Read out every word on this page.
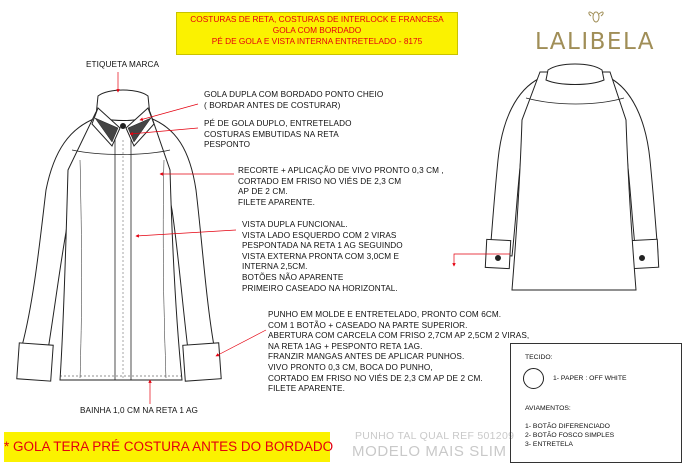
COSTURAS DE RETA, COSTURAS DE INTERLOCK E FRANCESA
GOLA COM BORDADO
PÉ DE GOLA E VISTA INTERNA ENTRETELADO - 8175	LALIBELA
ETIQUETA MARCA
GOLA DUPLA COM BORDADO PONTO CHEIO
( BORDAR ANTES DE COSTURAR)
PÉ DE GOLA DUPLO, ENTRETELADO
COSTURAS EMBUTIDAS NA RETA
PESPONTO
RECORTE + APLICAÇÃO DE VIVO PRONTO 0,3 CM ,
CORTADO EM FRISO NO VIÉS DE 2,3 CM
AP DE 2 CM.
FILETE APARENTE.
VISTA DUPLA FUNCIONAL.
VISTA LADO ESQUERDO COM 2 VIRAS
PESPONTADA NA RETA 1 AG SEGUINDO
VISTA EXTERNA PRONTA COM 3,0CM E
INTERNA 2,5CM.
BOTÕES NÃO APARENTE
PRIMEIRO CASEADO NA HORIZONTAL.
PUNHO EM MOLDE E ENTRETELADO, PRONTO COM 6CM.
COM 1 BOTÃO + CASEADO NA PARTE SUPERIOR.
ABERTURA COM CARCELA COM FRISO 2,7CM AP 2,5CM 2 VIRAS,
NA RETA 1AG + PESPONTO RETA 1AG.
FRANZIR MANGAS ANTES DE APLICAR PUNHOS.
VIVO PRONTO 0,3 CM, BOCA DO PUNHO,
CORTADO EM FRISO NO VIÉS DE 2,3 CM AP DE 2 CM.
FILETE APARENTE.
BAINHA 1,0 CM NA RETA 1 AG
* GOLA TERA PRÉ COSTURA ANTES DO BORDADO
PUNHO TAL QUAL REF 501209
MODELO MAIS SLIM
TECIDO:
1- PAPER : OFF WHITE
AVIAMENTOS:
1- BOTÃO DIFERENCIADO
2- BOTÃO FOSCO SIMPLES
3- ENTRETELA
